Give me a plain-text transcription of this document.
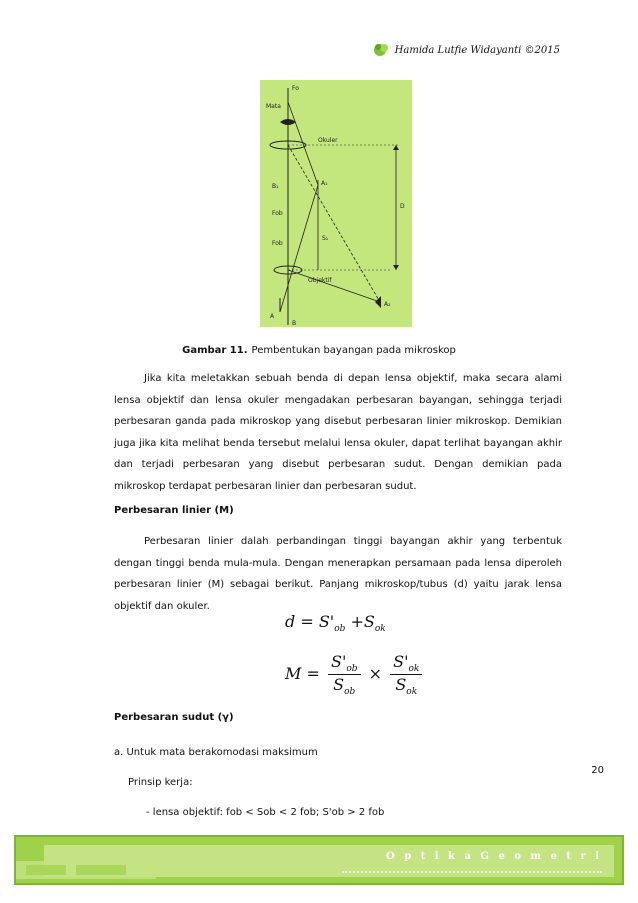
Hamida Lutfie Widayanti ©2015
Fo
Mata
Okuler
A₁
B₁
Fob
S₁
D
Fob
Objektif
A₂
A
B
Gambar 11. Pembentukan bayangan pada mikroskop
Jika kita meletakkan sebuah benda di depan lensa objektif, maka secara alami lensa objektif dan lensa okuler mengadakan perbesaran bayangan, sehingga terjadi perbesaran ganda pada mikroskop yang disebut perbesaran linier mikroskop. Demikian juga jika kita melihat benda tersebut melalui lensa okuler, dapat terlihat bayangan akhir dan terjadi perbesaran yang disebut perbesaran sudut. Dengan demikian pada mikroskop terdapat perbesaran linier dan perbesaran sudut.
Perbesaran linier (M)
Perbesaran linier dalah perbandingan tinggi bayangan akhir yang terbentuk dengan tinggi benda mula-mula. Dengan menerapkan persamaan pada lensa diperoleh perbesaran linier (M) sebagai berikut. Panjang mikroskop/tubus (d) yaitu jarak lensa objektif dan okuler.
$d = S'_{ob} +S_{ok}$
$M = \frac{S'_{ob}}{S_{ob}} \times \frac{S'_{ok}}{S_{ok}}$
Perbesaran sudut (γ)
a. Untuk mata berakomodasi maksimum
20
Prinsip kerja:
- lensa objektif: fob < Sob < 2 fob; S'ob > 2 fob
O p t i k a G e o m e t r i
